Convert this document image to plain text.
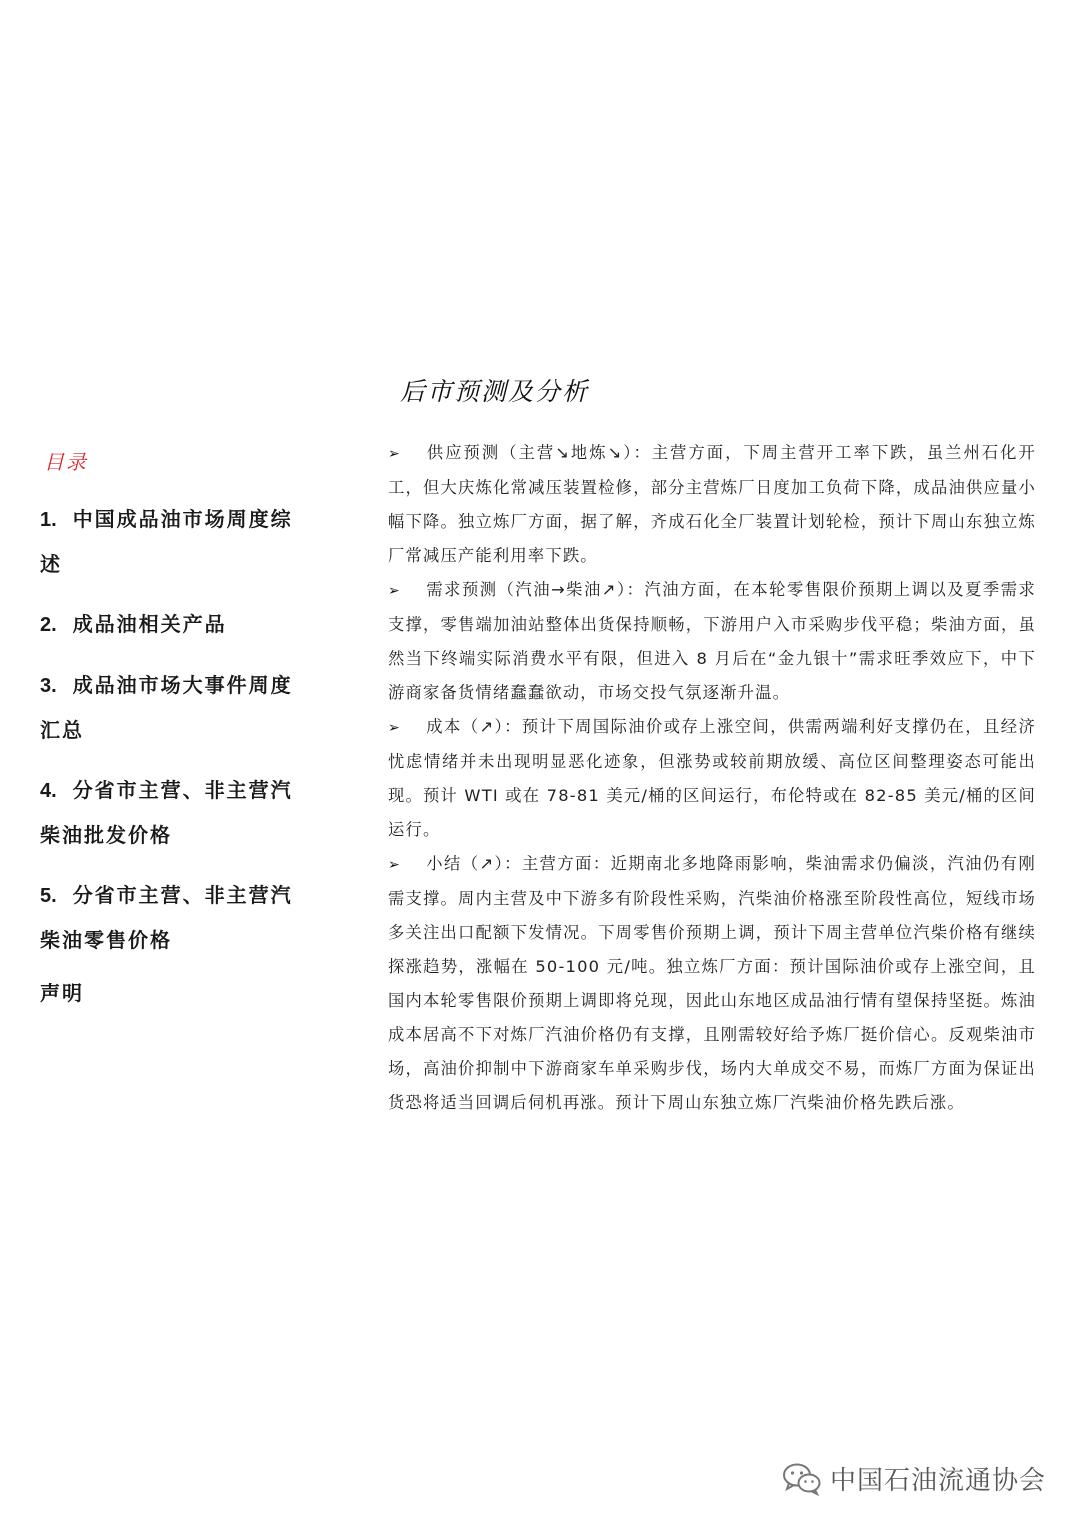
后市预测及分析
目录
1. 中国成品油市场周度综述
2. 成品油相关产品
3. 成品油市场大事件周度汇总
4. 分省市主营、非主营汽柴油批发价格
5. 分省市主营、非主营汽柴油零售价格
声明

➢ 供应预测（主营↘地炼↘）：主营方面，下周主营开工率下跌，虽兰州石化开工，但大庆炼化常减压装置检修，部分主营炼厂日度加工负荷下降，成品油供应量小幅下降。独立炼厂方面，据了解，齐成石化全厂装置计划轮检，预计下周山东独立炼厂常减压产能利用率下跌。

➢ 需求预测（汽油→柴油↗）：汽油方面，在本轮零售限价预期上调以及夏季需求支撑，零售端加油站整体出货保持顺畅，下游用户入市采购步伐平稳；柴油方面，虽然当下终端实际消费水平有限，但进入 8 月后在“金九银十”需求旺季效应下，中下游商家备货情绪蠢蠢欲动，市场交投气氛逐渐升温。

➢ 成本（↗）：预计下周国际油价或存上涨空间，供需两端利好支撑仍在，且经济忧虑情绪并未出现明显恶化迹象，但涨势或较前期放缓、高位区间整理姿态可能出现。预计 WTI 或在 78-81 美元/桶的区间运行，布伦特或在 82-85 美元/桶的区间运行。

➢ 小结（↗）：主营方面：近期南北多地降雨影响，柴油需求仍偏淡，汽油仍有刚需支撑。周内主营及中下游多有阶段性采购，汽柴油价格涨至阶段性高位，短线市场多关注出口配额下发情况。下周零售价预期上调，预计下周主营单位汽柴价格有继续探涨趋势，涨幅在 50-100 元/吨。独立炼厂方面：预计国际油价或存上涨空间，且国内本轮零售限价预期上调即将兑现，因此山东地区成品油行情有望保持坚挺。炼油成本居高不下对炼厂汽油价格仍有支撑，且刚需较好给予炼厂挺价信心。反观柴油市场，高油价抑制中下游商家车单采购步伐，场内大单成交不易，而炼厂方面为保证出货恐将适当回调后伺机再涨。预计下周山东独立炼厂汽柴油价格先跌后涨。

中国石油流通协会
